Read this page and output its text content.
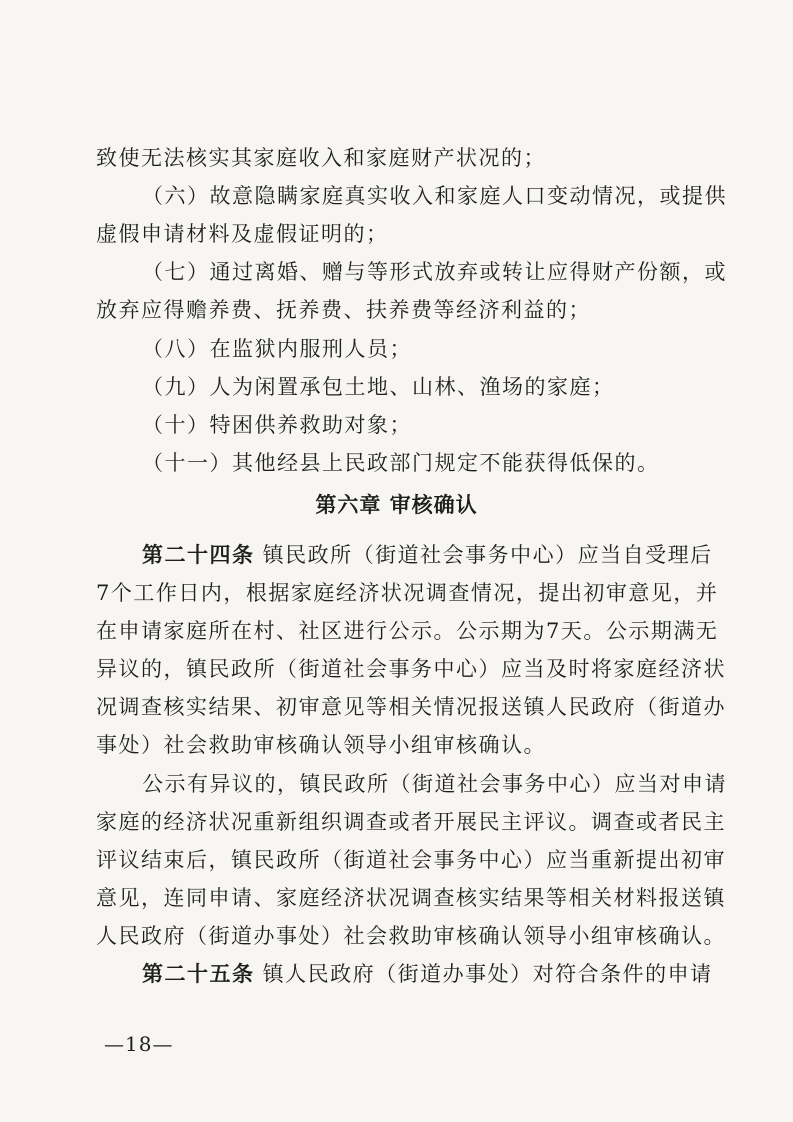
致使无法核实其家庭收入和家庭财产状况的；
（六）故意隐瞒家庭真实收入和家庭人口变动情况，或提供
虚假申请材料及虚假证明的；
（七）通过离婚、赠与等形式放弃或转让应得财产份额，或
放弃应得赡养费、抚养费、扶养费等经济利益的；
（八）在监狱内服刑人员；
（九）人为闲置承包土地、山林、渔场的家庭；
（十）特困供养救助对象；
（十一）其他经县上民政部门规定不能获得低保的。
第六章 审核确认
第二十四条 镇民政所（街道社会事务中心）应当自受理后
7个工作日内，根据家庭经济状况调查情况，提出初审意见，并
在申请家庭所在村、社区进行公示。公示期为7天。公示期满无
异议的，镇民政所（街道社会事务中心）应当及时将家庭经济状
况调查核实结果、初审意见等相关情况报送镇人民政府（街道办
事处）社会救助审核确认领导小组审核确认。
公示有异议的，镇民政所（街道社会事务中心）应当对申请
家庭的经济状况重新组织调查或者开展民主评议。调查或者民主
评议结束后，镇民政所（街道社会事务中心）应当重新提出初审
意见，连同申请、家庭经济状况调查核实结果等相关材料报送镇
人民政府（街道办事处）社会救助审核确认领导小组审核确认。
第二十五条 镇人民政府（街道办事处）对符合条件的申请
—18—
